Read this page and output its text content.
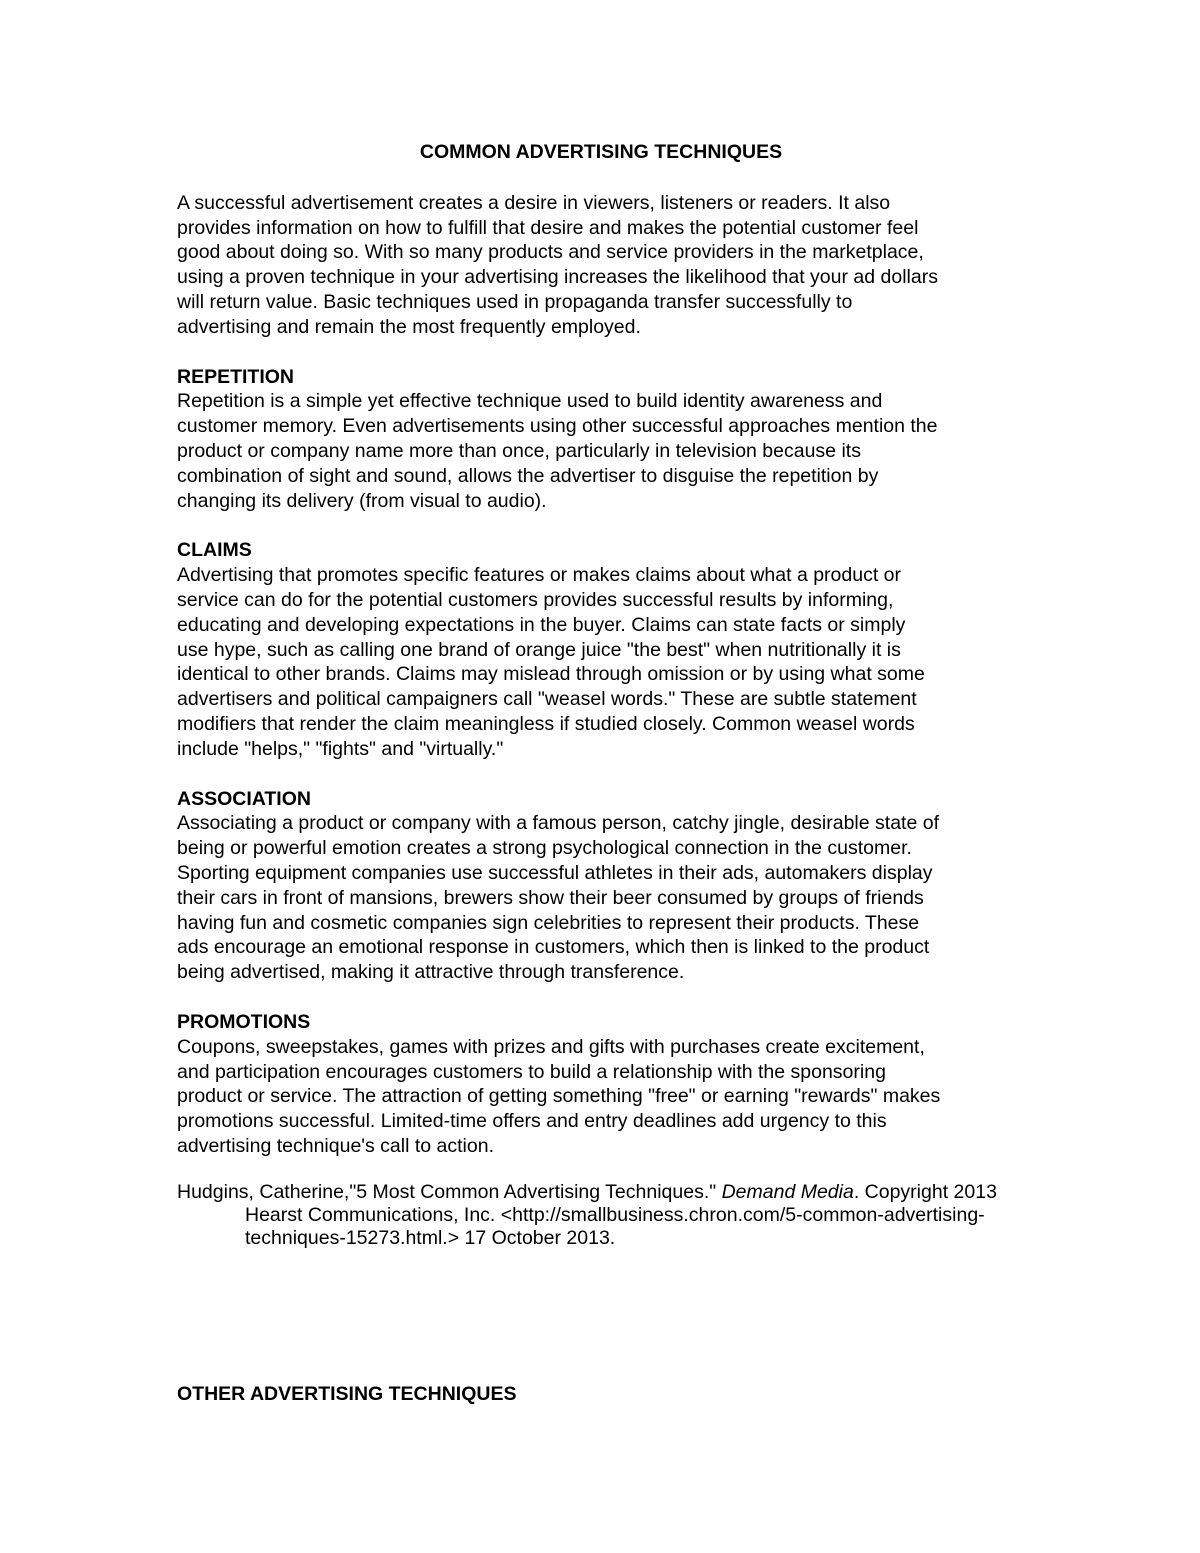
COMMON ADVERTISING TECHNIQUES

A successful advertisement creates a desire in viewers, listeners or readers. It also
provides information on how to fulfill that desire and makes the potential customer feel
good about doing so. With so many products and service providers in the marketplace,
using a proven technique in your advertising increases the likelihood that your ad dollars
will return value. Basic techniques used in propaganda transfer successfully to
advertising and remain the most frequently employed.

REPETITION

Repetition is a simple yet effective technique used to build identity awareness and
customer memory. Even advertisements using other successful approaches mention the
product or company name more than once, particularly in television because its
combination of sight and sound, allows the advertiser to disguise the repetition by
changing its delivery (from visual to audio).

CLAIMS

Advertising that promotes specific features or makes claims about what a product or
service can do for the potential customers provides successful results by informing,
educating and developing expectations in the buyer. Claims can state facts or simply
use hype, such as calling one brand of orange juice "the best" when nutritionally it is
identical to other brands. Claims may mislead through omission or by using what some
advertisers and political campaigners call "weasel words." These are subtle statement
modifiers that render the claim meaningless if studied closely. Common weasel words
include "helps," "fights" and "virtually."

ASSOCIATION

Associating a product or company with a famous person, catchy jingle, desirable state of
being or powerful emotion creates a strong psychological connection in the customer.
Sporting equipment companies use successful athletes in their ads, automakers display
their cars in front of mansions, brewers show their beer consumed by groups of friends
having fun and cosmetic companies sign celebrities to represent their products. These
ads encourage an emotional response in customers, which then is linked to the product
being advertised, making it attractive through transference.

PROMOTIONS

Coupons, sweepstakes, games with prizes and gifts with purchases create excitement,
and participation encourages customers to build a relationship with the sponsoring
product or service. The attraction of getting something "free" or earning "rewards" makes
promotions successful. Limited-time offers and entry deadlines add urgency to this
advertising technique's call to action.

Hudgins, Catherine,"5 Most Common Advertising Techniques." Demand Media. Copyright 2013
Hearst Communications, Inc. <http://smallbusiness.chron.com/5-common-advertising-
techniques-15273.html.> 17 October 2013.
OTHER ADVERTISING TECHNIQUES
